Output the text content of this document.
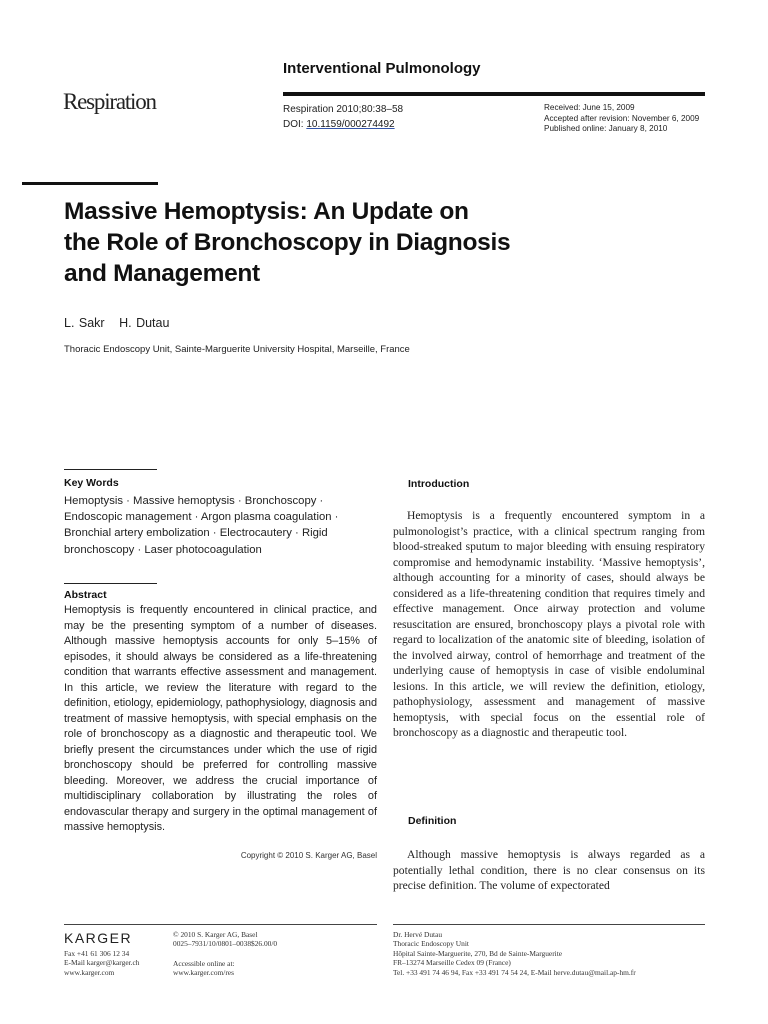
Respiration
Interventional Pulmonology
Respiration 2010;80:38–58
DOI: 10.1159/000274492
Received: June 15, 2009
Accepted after revision: November 6, 2009
Published online: January 8, 2010
Massive Hemoptysis: An Update on
the Role of Bronchoscopy in Diagnosis
and Management
L. Sakr H. Dutau
Thoracic Endoscopy Unit, Sainte-Marguerite University Hospital, Marseille, France
Key Words
Hemoptysis · Massive hemoptysis · Bronchoscopy · Endoscopic management · Argon plasma coagulation · Bronchial artery embolization · Electrocautery · Rigid bronchoscopy · Laser photocoagulation
Abstract
Hemoptysis is frequently encountered in clinical practice, and may be the presenting symptom of a number of diseases. Although massive hemoptysis accounts for only 5–15% of episodes, it should always be considered as a life-threatening condition that warrants effective assessment and management. In this article, we review the literature with regard to the definition, etiology, epidemiology, pathophysiology, diagnosis and treatment of massive hemoptysis, with special emphasis on the role of bronchoscopy as a diagnostic and therapeutic tool. We briefly present the circumstances under which the use of rigid bronchoscopy should be preferred for controlling massive bleeding. Moreover, we address the crucial importance of multidisciplinary collaboration by illustrating the roles of endovascular therapy and surgery in the optimal management of massive hemoptysis.
Copyright © 2010 S. Karger AG, Basel
Introduction
Hemoptysis is a frequently encountered symptom in a pulmonologist’s practice, with a clinical spectrum ranging from blood-streaked sputum to major bleeding with ensuing respiratory compromise and hemodynamic instability. ‘Massive hemoptysis’, although accounting for a minority of cases, should always be considered as a life-threatening condition that requires timely and effective management. Once airway protection and volume resuscitation are ensured, bronchoscopy plays a pivotal role with regard to localization of the anatomic site of bleeding, isolation of the involved airway, control of hemorrhage and treatment of the underlying cause of hemoptysis in case of visible endoluminal lesions. In this article, we will review the definition, etiology, pathophysiology, assessment and management of massive hemoptysis, with special focus on the essential role of bronchoscopy as a diagnostic and therapeutic tool.
Definition
Although massive hemoptysis is always regarded as a potentially lethal condition, there is no clear consensus on its precise definition. The volume of expectorated
KARGER
Fax +41 61 306 12 34
E-Mail karger@karger.ch
www.karger.com
© 2010 S. Karger AG, Basel
0025–7931/10/0801–0038$26.00/0
Accessible online at:
www.karger.com/res
Dr. Hervé Dutau
Thoracic Endoscopy Unit
Hôpital Sainte-Marguerite, 270, Bd de Sainte-Marguerite
FR–13274 Marseille Cedex 09 (France)
Tel. +33 491 74 46 94, Fax +33 491 74 54 24, E-Mail herve.dutau@mail.ap-hm.fr
